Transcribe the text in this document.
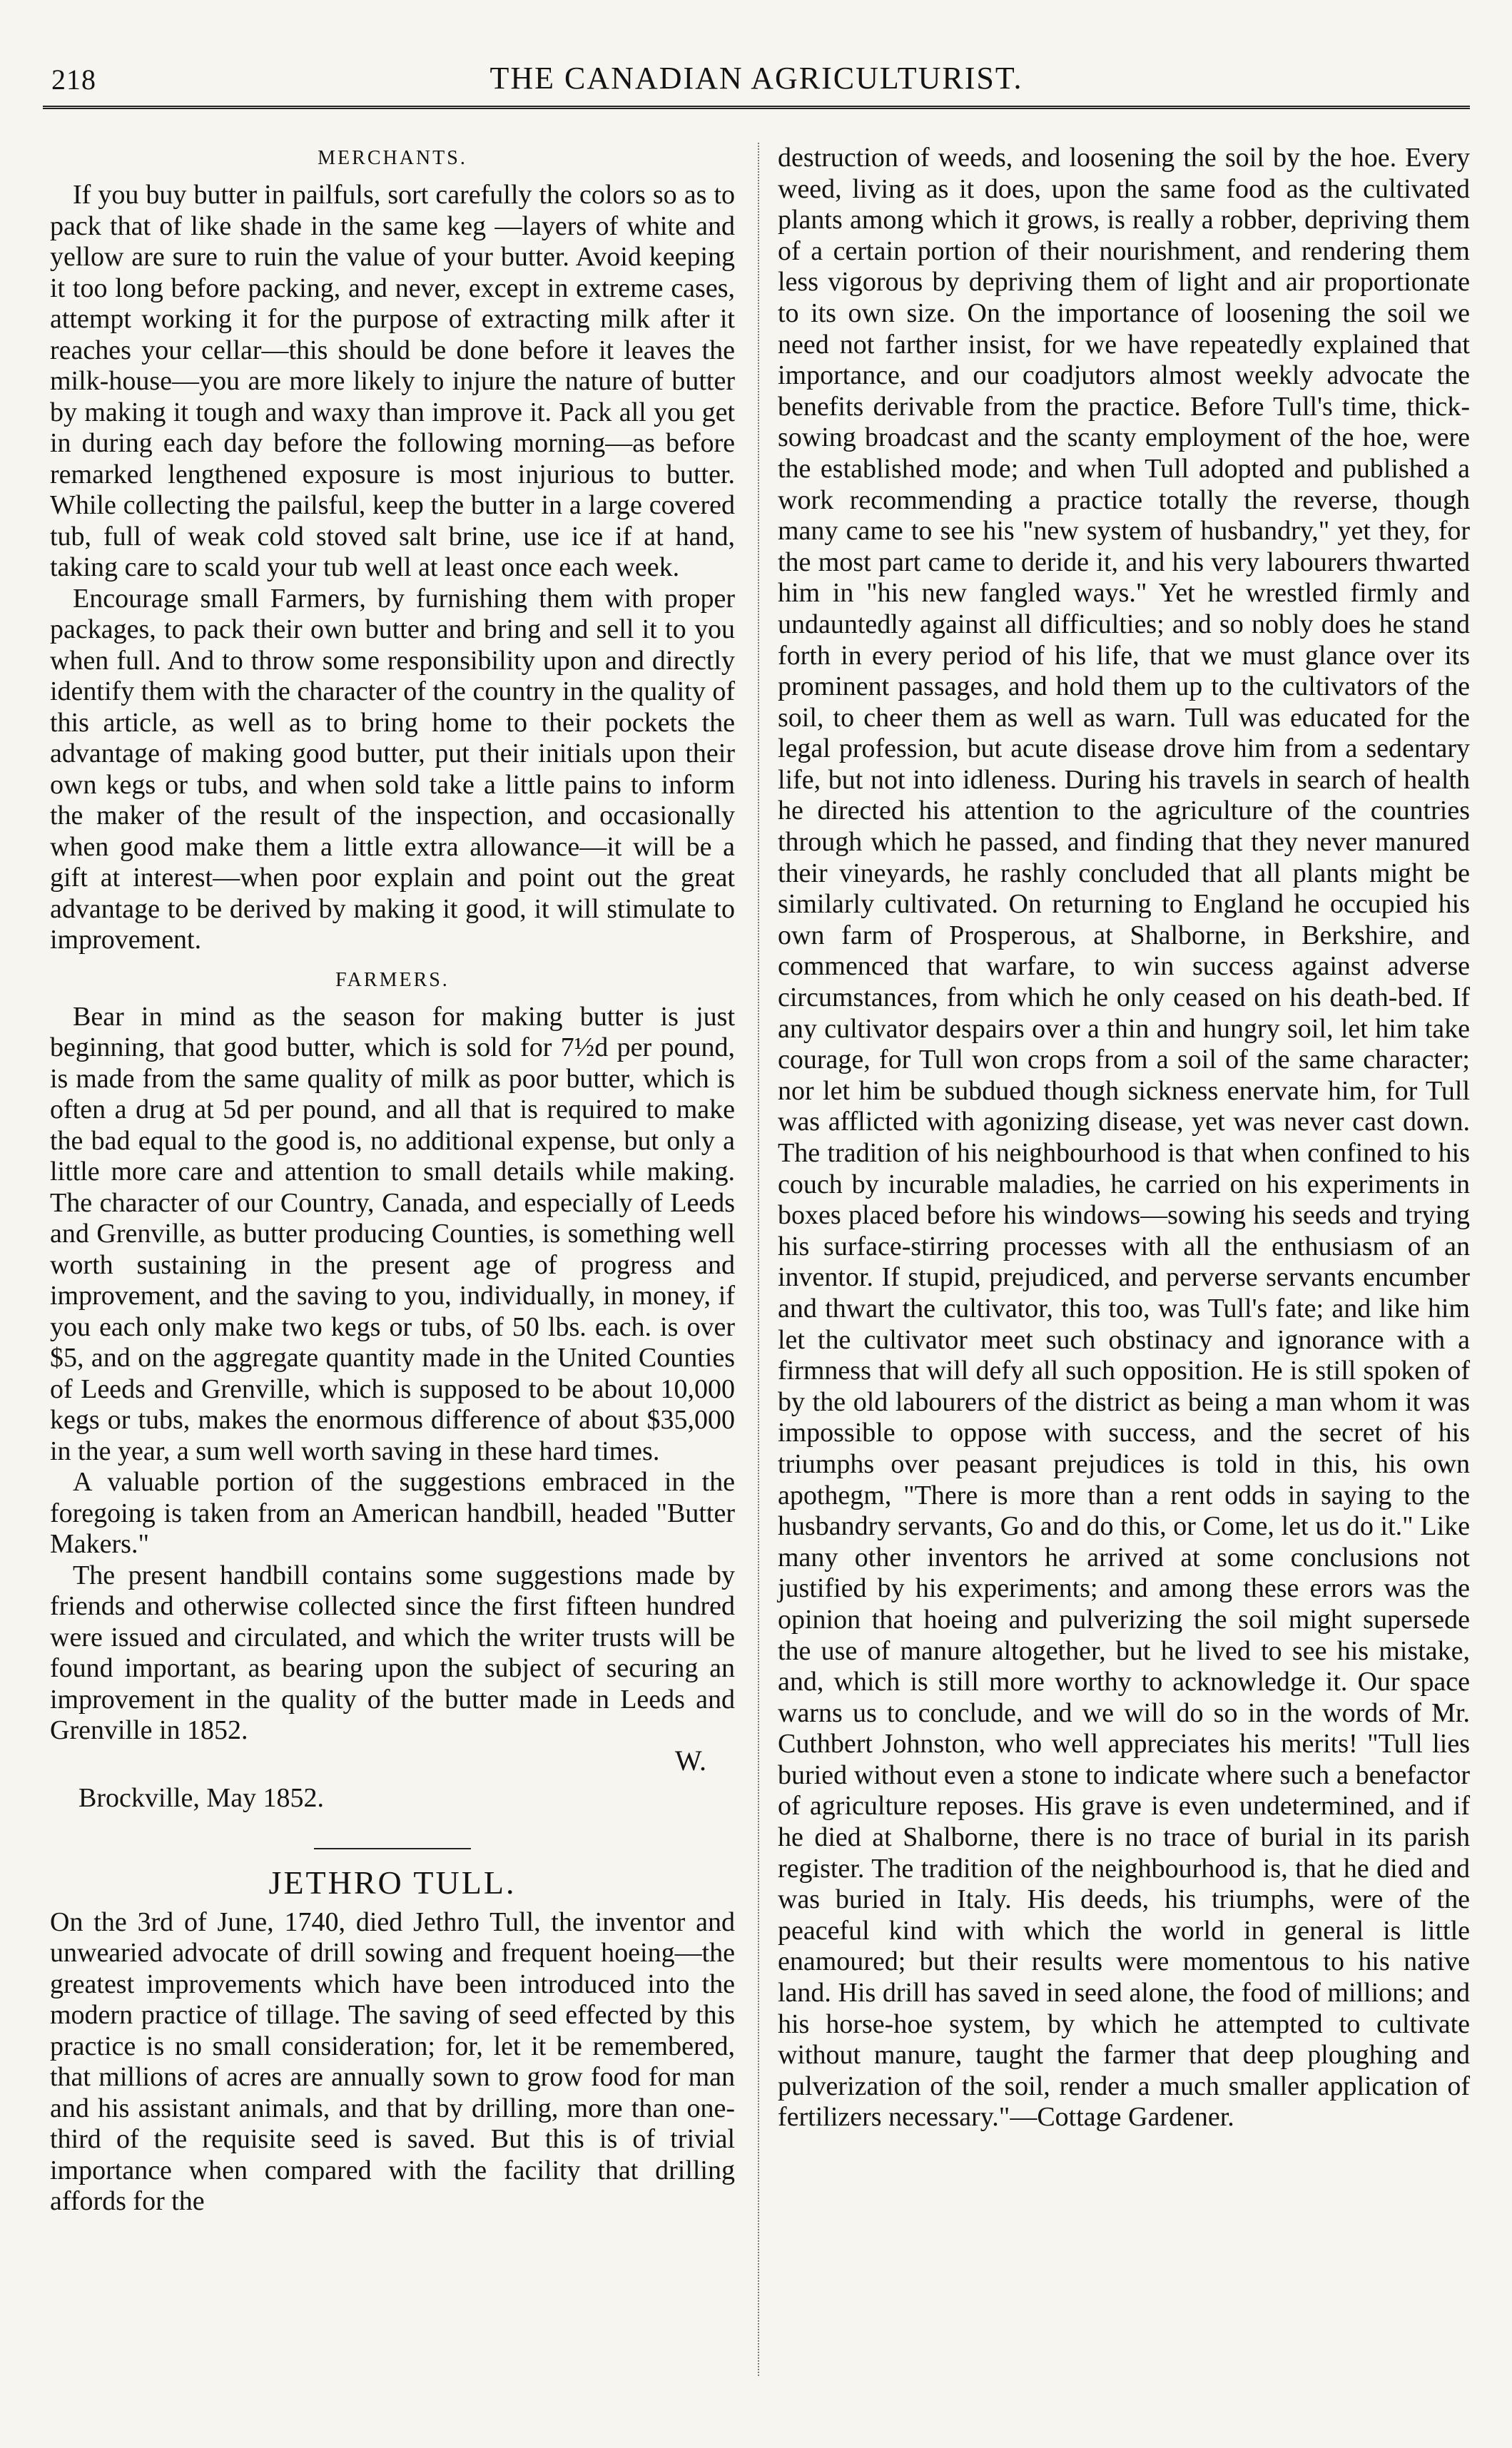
218	THE CANADIAN AGRICULTURIST.
MERCHANTS.

If you buy butter in pailfuls, sort carefully the colors so as to pack that of like shade in the same keg —layers of white and yellow are sure to ruin the value of your butter. Avoid keeping it too long before packing, and never, except in extreme cases, attempt working it for the purpose of extracting milk after it reaches your cellar—this should be done before it leaves the milk-house—you are more likely to injure the nature of butter by making it tough and waxy than improve it. Pack all you get in during each day before the following morning—as before remarked lengthened exposure is most injurious to butter. While collecting the pailsful, keep the butter in a large covered tub, full of weak cold stoved salt brine, use ice if at hand, taking care to scald your tub well at least once each week.

Encourage small Farmers, by furnishing them with proper packages, to pack their own butter and bring and sell it to you when full. And to throw some responsibility upon and directly identify them with the character of the country in the quality of this article, as well as to bring home to their pockets the advantage of making good butter, put their initials upon their own kegs or tubs, and when sold take a little pains to inform the maker of the result of the inspection, and occasionally when good make them a little extra allowance—it will be a gift at interest—when poor explain and point out the great advantage to be derived by making it good, it will stimulate to improvement.

FARMERS.

Bear in mind as the season for making butter is just beginning, that good butter, which is sold for 7½d per pound, is made from the same quality of milk as poor butter, which is often a drug at 5d per pound, and all that is required to make the bad equal to the good is, no additional expense, but only a little more care and attention to small details while making. The character of our Country, Canada, and especially of Leeds and Grenville, as butter producing Counties, is something well worth sustaining in the present age of progress and improvement, and the saving to you, individually, in money, if you each only make two kegs or tubs, of 50 lbs. each. is over $5, and on the aggregate quantity made in the United Counties of Leeds and Grenville, which is supposed to be about 10,000 kegs or tubs, makes the enormous difference of about $35,000 in the year, a sum well worth saving in these hard times.

A valuable portion of the suggestions embraced in the foregoing is taken from an American handbill, headed "Butter Makers."

The present handbill contains some suggestions made by friends and otherwise collected since the first fifteen hundred were issued and circulated, and which the writer trusts will be found important, as bearing upon the subject of securing an improvement in the quality of the butter made in Leeds and Grenville in 1852.

W.
Brockville, May 1852.
JETHRO TULL.

On the 3rd of June, 1740, died Jethro Tull, the inventor and unwearied advocate of drill sowing and frequent hoeing—the greatest improvements which have been introduced into the modern practice of tillage. The saving of seed effected by this practice is no small consideration; for, let it be remembered, that millions of acres are annually sown to grow food for man and his assistant animals, and that by drilling, more than one-third of the requisite seed is saved. But this is of trivial importance when compared with the facility that drilling affords for the

destruction of weeds, and loosening the soil by the hoe. Every weed, living as it does, upon the same food as the cultivated plants among which it grows, is really a robber, depriving them of a certain portion of their nourishment, and rendering them less vigorous by depriving them of light and air proportionate to its own size. On the importance of loosening the soil we need not farther insist, for we have repeatedly explained that importance, and our coadjutors almost weekly advocate the benefits derivable from the practice. Before Tull's time, thick-sowing broadcast and the scanty employment of the hoe, were the established mode; and when Tull adopted and published a work recommending a practice totally the reverse, though many came to see his "new system of husbandry," yet they, for the most part came to deride it, and his very labourers thwarted him in "his new fangled ways." Yet he wrestled firmly and undauntedly against all difficulties; and so nobly does he stand forth in every period of his life, that we must glance over its prominent passages, and hold them up to the cultivators of the soil, to cheer them as well as warn. Tull was educated for the legal profession, but acute disease drove him from a sedentary life, but not into idleness. During his travels in search of health he directed his attention to the agriculture of the countries through which he passed, and finding that they never manured their vineyards, he rashly concluded that all plants might be similarly cultivated. On returning to England he occupied his own farm of Prosperous, at Shalborne, in Berkshire, and commenced that warfare, to win success against adverse circumstances, from which he only ceased on his death-bed. If any cultivator despairs over a thin and hungry soil, let him take courage, for Tull won crops from a soil of the same character; nor let him be subdued though sickness enervate him, for Tull was afflicted with agonizing disease, yet was never cast down. The tradition of his neighbourhood is that when confined to his couch by incurable maladies, he carried on his experiments in boxes placed before his windows—sowing his seeds and trying his surface-stirring processes with all the enthusiasm of an inventor. If stupid, prejudiced, and perverse servants encumber and thwart the cultivator, this too, was Tull's fate; and like him let the cultivator meet such obstinacy and ignorance with a firmness that will defy all such opposition. He is still spoken of by the old labourers of the district as being a man whom it was impossible to oppose with success, and the secret of his triumphs over peasant prejudices is told in this, his own apothegm, "There is more than a rent odds in saying to the husbandry servants, Go and do this, or Come, let us do it." Like many other inventors he arrived at some conclusions not justified by his experiments; and among these errors was the opinion that hoeing and pulverizing the soil might supersede the use of manure altogether, but he lived to see his mistake, and, which is still more worthy to acknowledge it. Our space warns us to conclude, and we will do so in the words of Mr. Cuthbert Johnston, who well appreciates his merits! "Tull lies buried without even a stone to indicate where such a benefactor of agriculture reposes. His grave is even undetermined, and if he died at Shalborne, there is no trace of burial in its parish register. The tradition of the neighbourhood is, that he died and was buried in Italy. His deeds, his triumphs, were of the peaceful kind with which the world in general is little enamoured; but their results were momentous to his native land. His drill has saved in seed alone, the food of millions; and his horse-hoe system, by which he attempted to cultivate without manure, taught the farmer that deep ploughing and pulverization of the soil, render a much smaller application of fertilizers necessary."—Cottage Gardener.
